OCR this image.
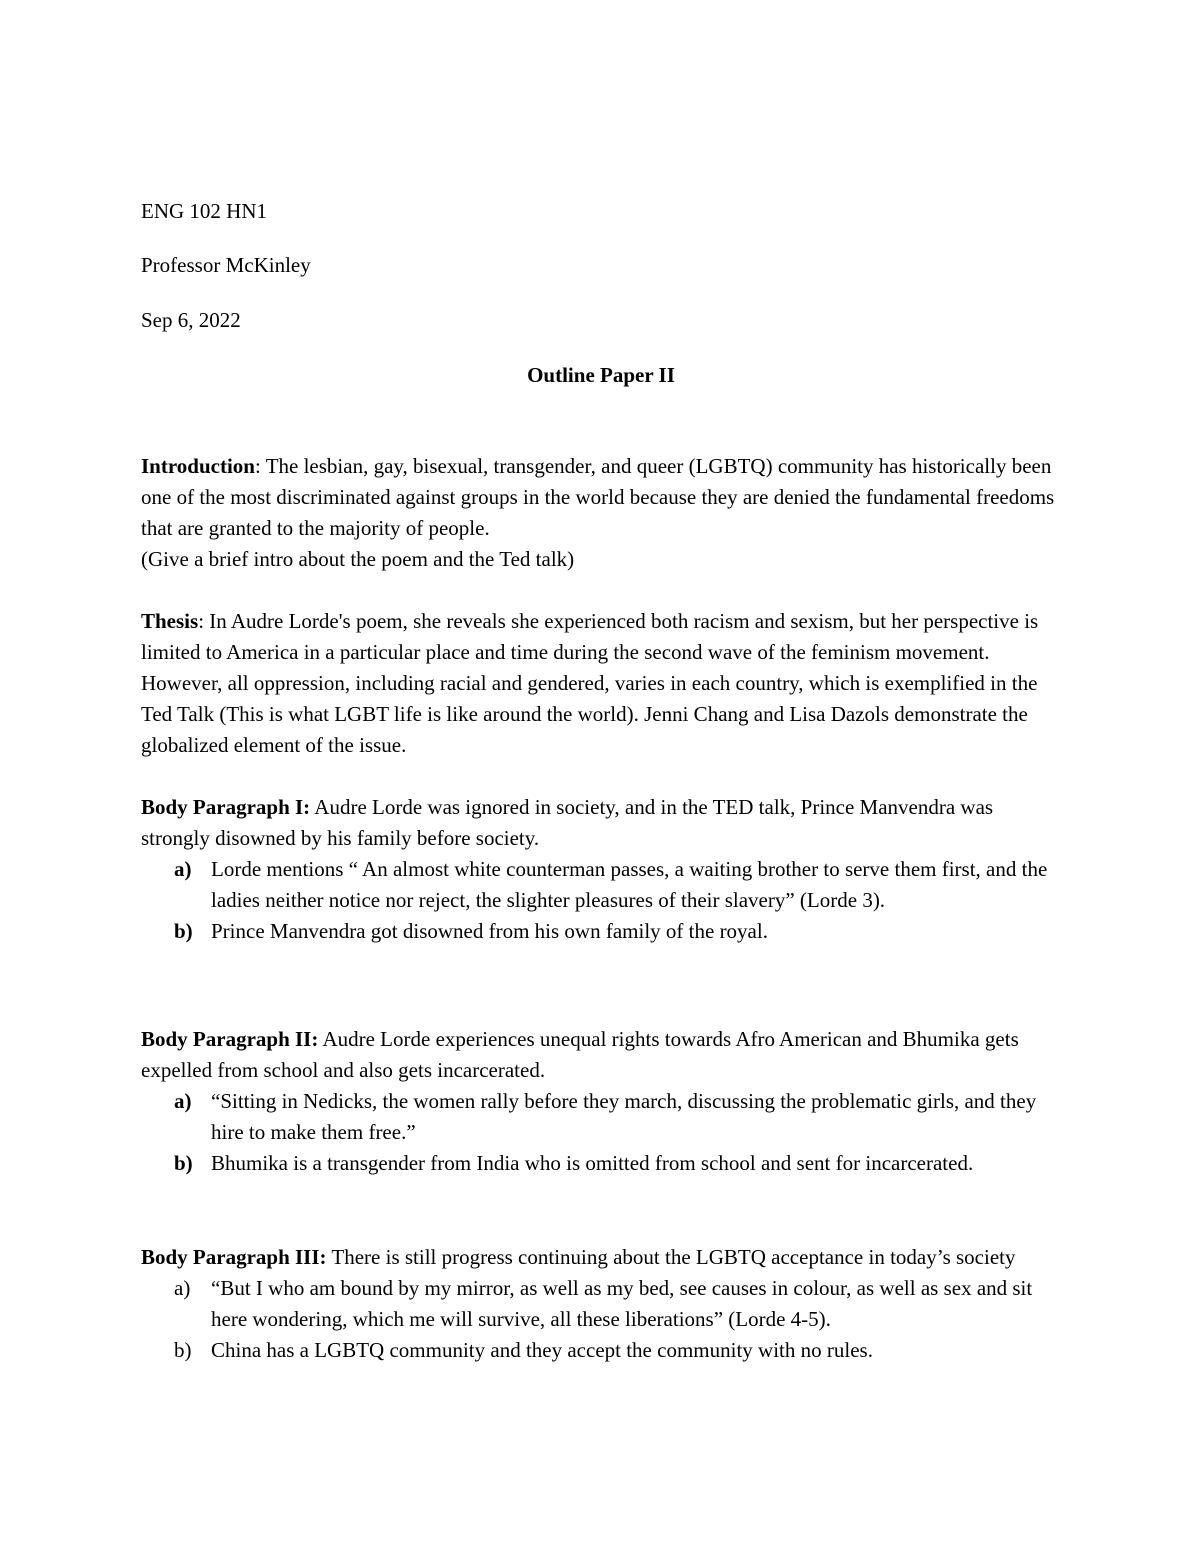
ENG 102 HN1
Professor McKinley
Sep 6, 2022
Outline Paper II

Introduction: The lesbian, gay, bisexual, transgender, and queer (LGBTQ) community has historically been one of the most discriminated against groups in the world because they are denied the fundamental freedoms that are granted to the majority of people.

(Give a brief intro about the poem and the Ted talk)

Thesis: In Audre Lorde's poem, she reveals she experienced both racism and sexism, but her perspective is limited to America in a particular place and time during the second wave of the feminism movement. However, all oppression, including racial and gendered, varies in each country, which is exemplified in the Ted Talk (This is what LGBT life is like around the world). Jenni Chang and Lisa Dazols demonstrate the globalized element of the issue.

Body Paragraph I: Audre Lorde was ignored in society, and in the TED talk, Prince Manvendra was strongly disowned by his family before society.

a) Lorde mentions “ An almost white counterman passes, a waiting brother to serve them first, and the ladies neither notice nor reject, the slighter pleasures of their slavery” (Lorde 3).
b) Prince Manvendra got disowned from his own family of the royal.

Body Paragraph II: Audre Lorde experiences unequal rights towards Afro American and Bhumika gets expelled from school and also gets incarcerated.

a) “Sitting in Nedicks, the women rally before they march, discussing the problematic girls, and they hire to make them free.”
b) Bhumika is a transgender from India who is omitted from school and sent for incarcerated.

Body Paragraph III: There is still progress continuing about the LGBTQ acceptance in today’s society

a) “But I who am bound by my mirror, as well as my bed, see causes in colour, as well as sex and sit here wondering, which me will survive, all these liberations” (Lorde 4-5).
b) China has a LGBTQ community and they accept the community with no rules.
